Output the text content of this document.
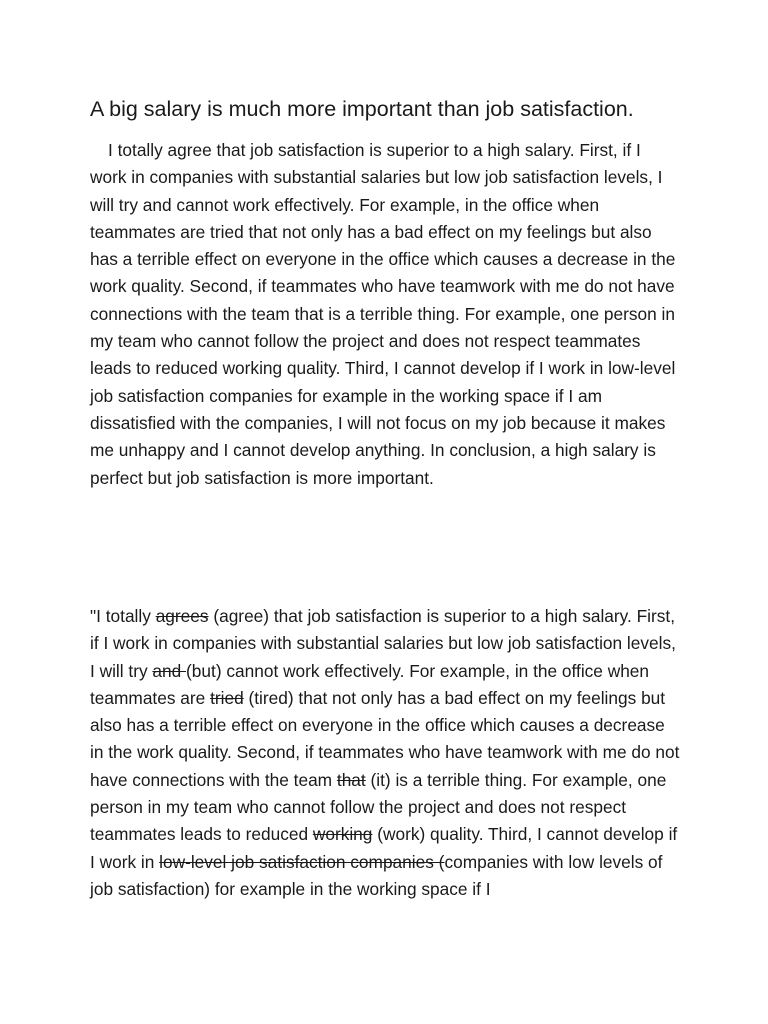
A big salary is much more important than job satisfaction.

I totally agree that job satisfaction is superior to a high salary. First, if I work in companies with substantial salaries but low job satisfaction levels, I will try and cannot work effectively. For example, in the office when teammates are tried that not only has a bad effect on my feelings but also has a terrible effect on everyone in the office which causes a decrease in the work quality. Second, if teammates who have teamwork with me do not have connections with the team that is a terrible thing. For example, one person in my team who cannot follow the project and does not respect teammates leads to reduced working quality. Third, I cannot develop if I work in low-level job satisfaction companies for example in the working space if I am dissatisfied with the companies, I will not focus on my job because it makes me unhappy and I cannot develop anything. In conclusion, a high salary is perfect but job satisfaction is more important.

"I totally agrees (agree) that job satisfaction is superior to a high salary. First, if I work in companies with substantial salaries but low job satisfaction levels, I will try and (but) cannot work effectively. For example, in the office when teammates are tried (tired) that not only has a bad effect on my feelings but also has a terrible effect on everyone in the office which causes a decrease in the work quality. Second, if teammates who have teamwork with me do not have connections with the team that (it) is a terrible thing. For example, one person in my team who cannot follow the project and does not respect teammates leads to reduced working (work) quality. Third, I cannot develop if I work in low-level job satisfaction companies (companies with low levels of job satisfaction) for example in the working space if I
